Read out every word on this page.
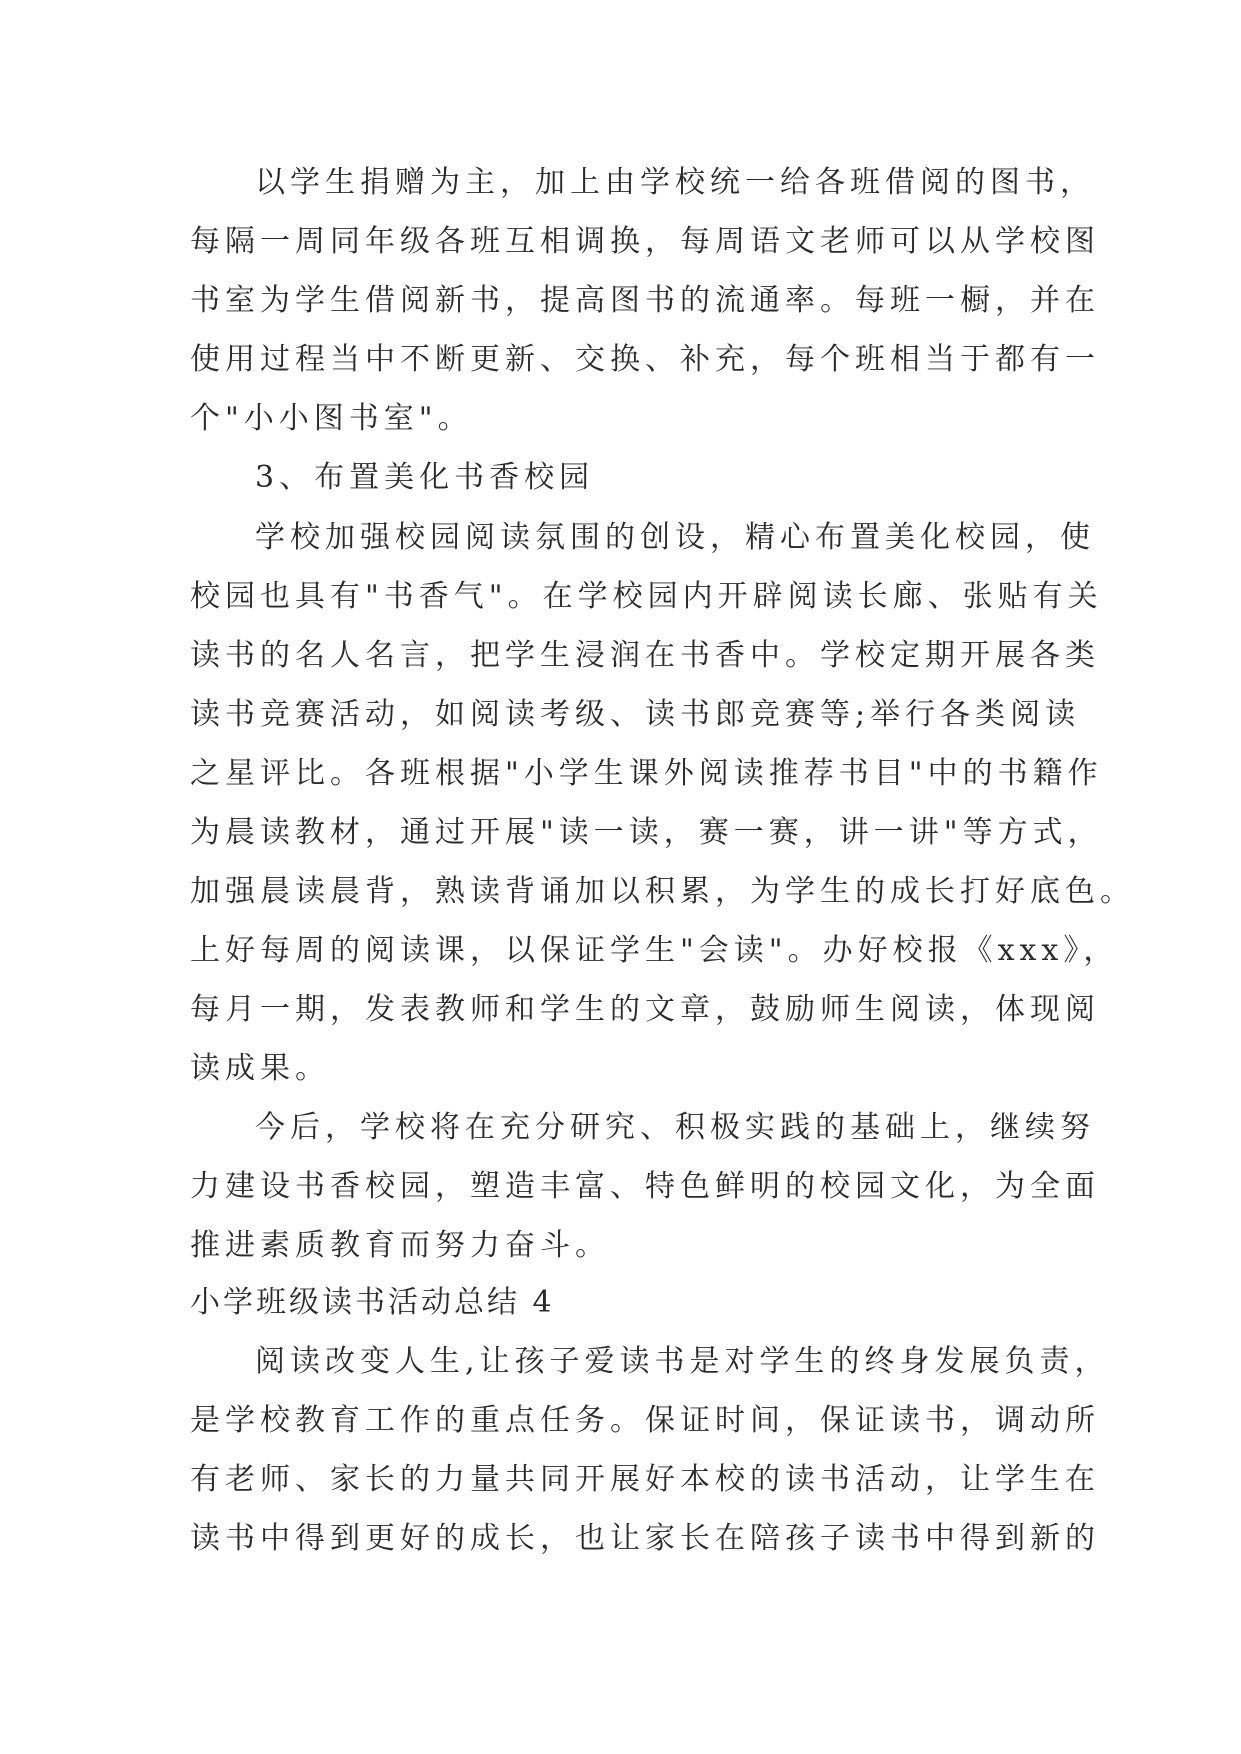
以学生捐赠为主，加上由学校统一给各班借阅的图书，

每隔一周同年级各班互相调换，每周语文老师可以从学校图

书室为学生借阅新书，提高图书的流通率。每班一橱，并在

使用过程当中不断更新、交换、补充，每个班相当于都有一

个"小小图书室"。

3、布置美化书香校园

学校加强校园阅读氛围的创设，精心布置美化校园，使

校园也具有"书香气"。在学校园内开辟阅读长廊、张贴有关

读书的名人名言，把学生浸润在书香中。学校定期开展各类

读书竞赛活动，如阅读考级、读书郎竞赛等;举行各类阅读

之星评比。各班根据"小学生课外阅读推荐书目"中的书籍作

为晨读教材，通过开展"读一读，赛一赛，讲一讲"等方式，

加强晨读晨背，熟读背诵加以积累，为学生的成长打好底色。

上好每周的阅读课，以保证学生"会读"。办好校报《xxx》，

每月一期，发表教师和学生的文章，鼓励师生阅读，体现阅

读成果。

今后，学校将在充分研究、积极实践的基础上，继续努

力建设书香校园，塑造丰富、特色鲜明的校园文化，为全面

推进素质教育而努力奋斗。

小学班级读书活动总结 4

阅读改变人生,让孩子爱读书是对学生的终身发展负责，

是学校教育工作的重点任务。保证时间，保证读书，调动所

有老师、家长的力量共同开展好本校的读书活动，让学生在

读书中得到更好的成长，也让家长在陪孩子读书中得到新的
